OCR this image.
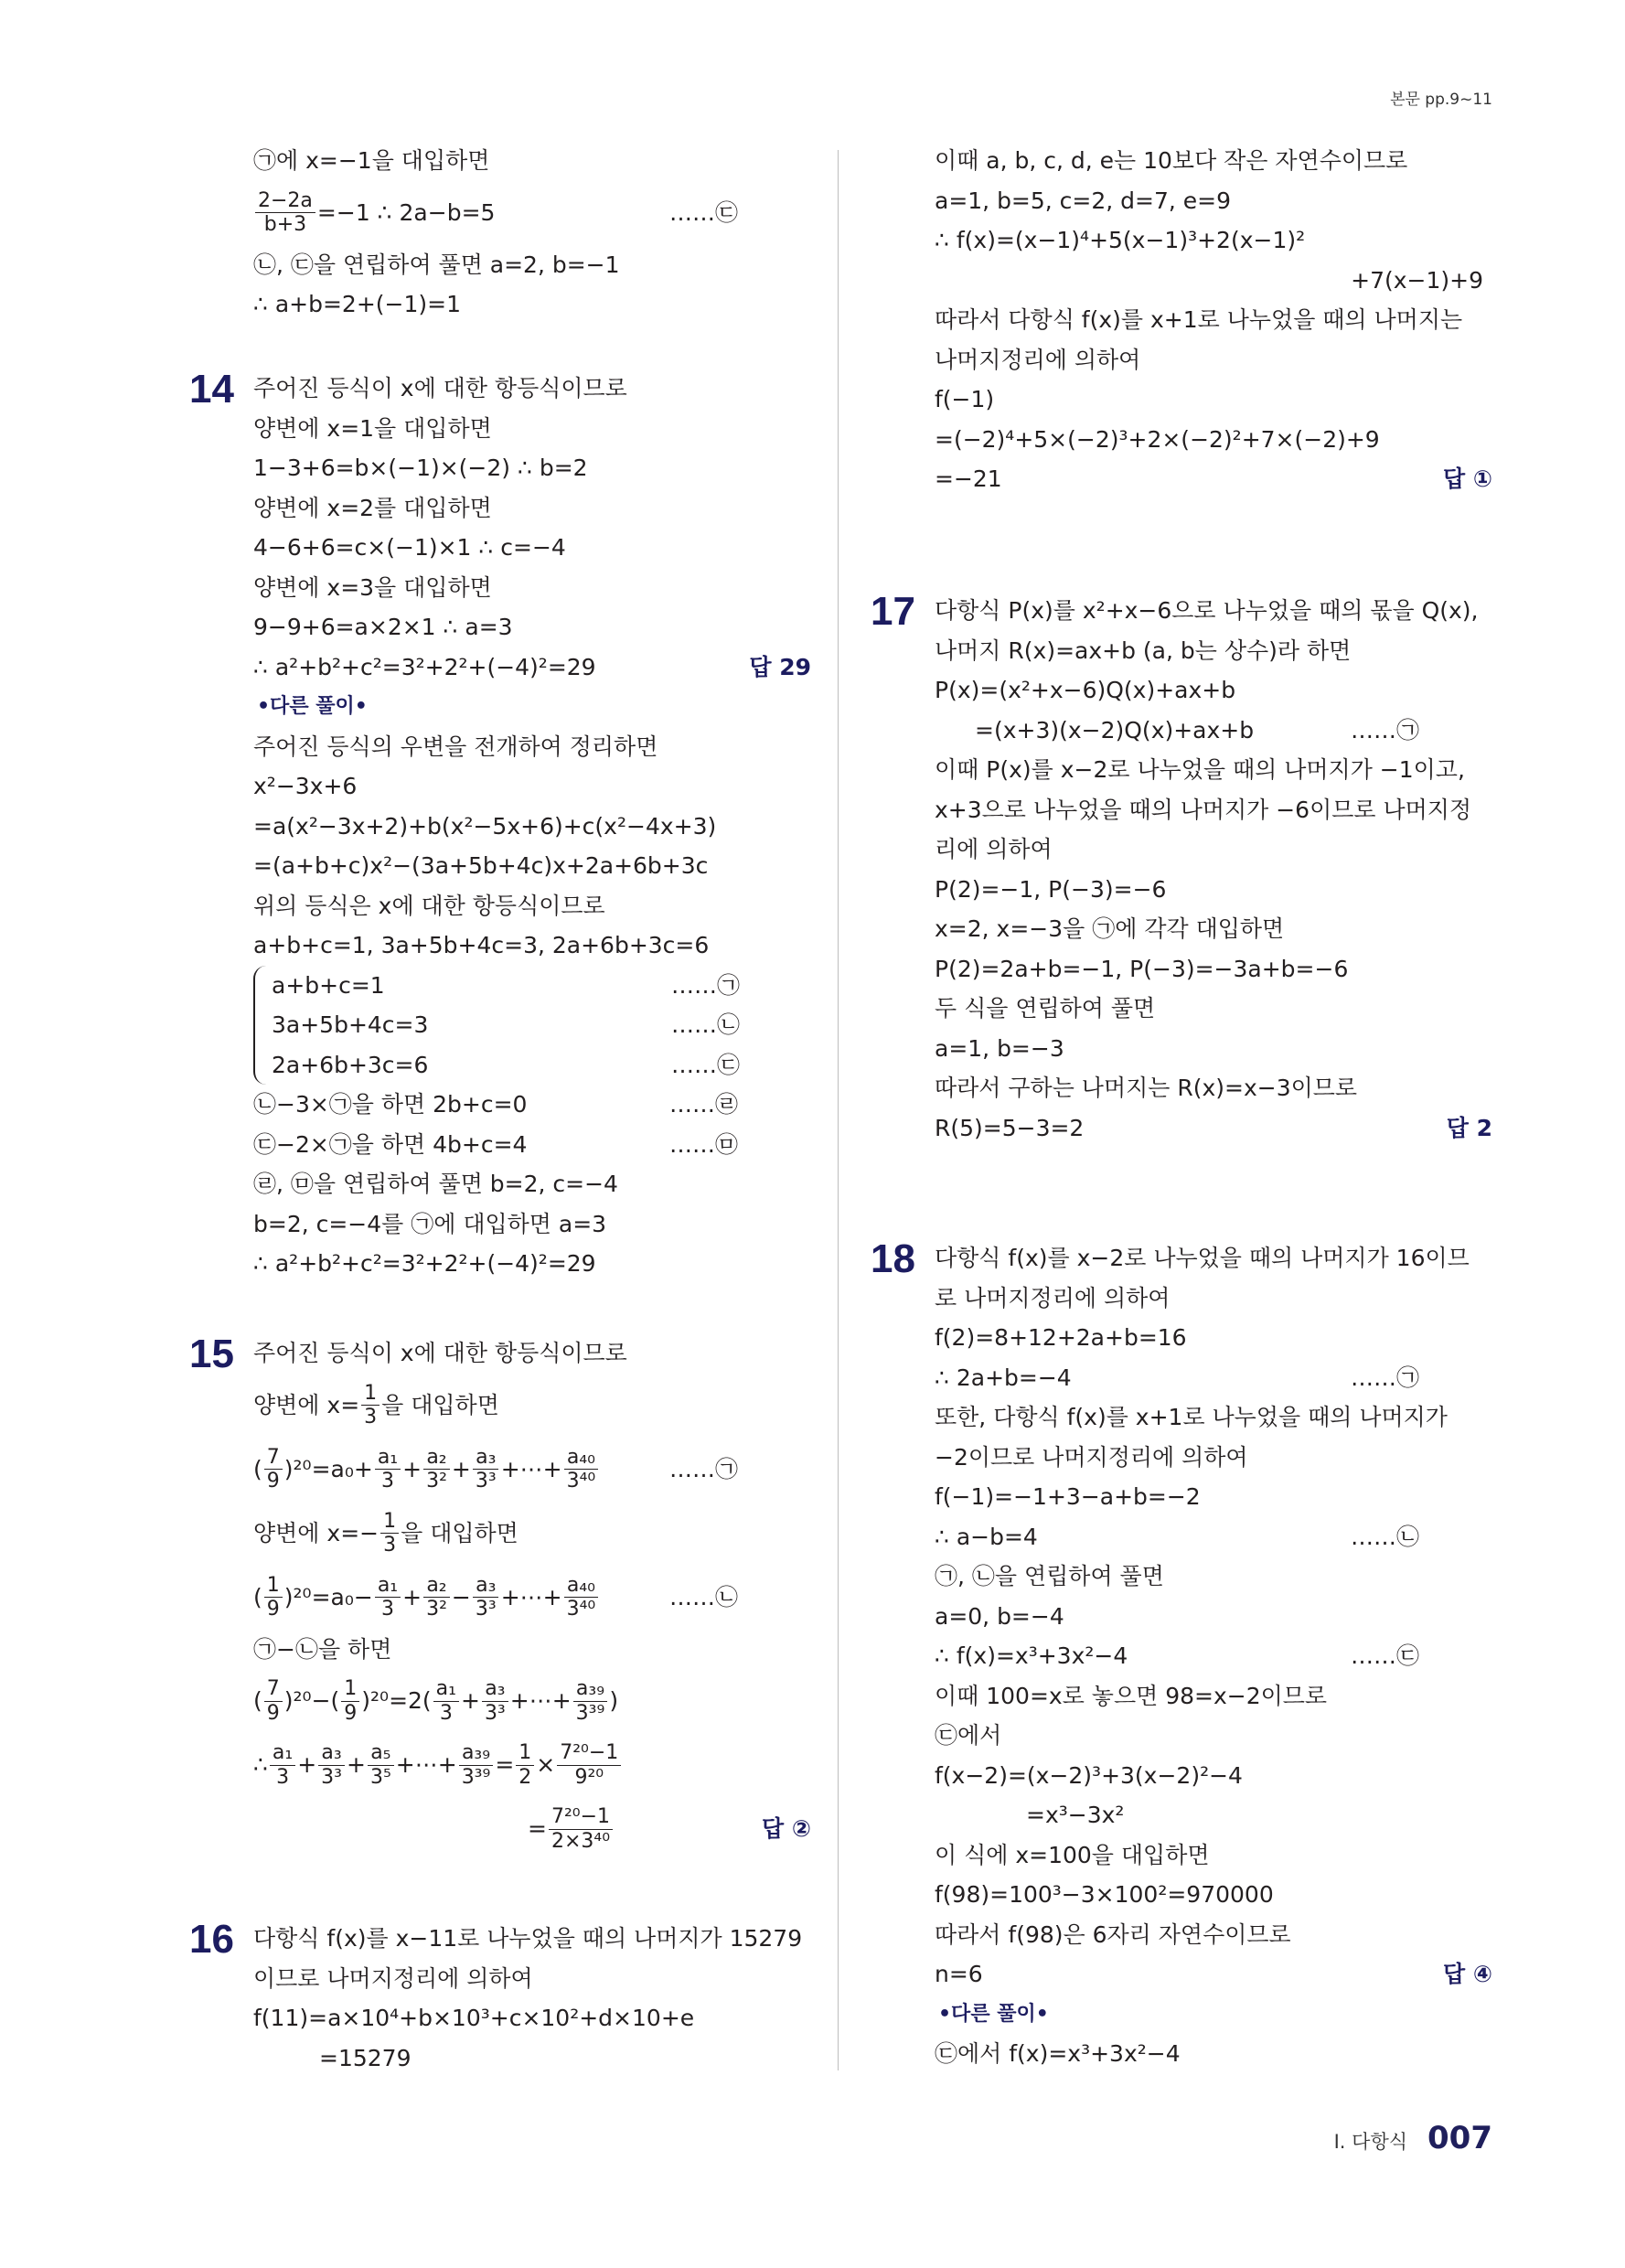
본문 pp.9~11
㉠에 x=−1을 대입하면
$\frac{2-2a}{b+3} =-1$ ∴ 2a−b=5	……㉢
㉡, ㉢을 연립하여 풀면 a=2, b=−1
∴ a+b=2+(−1)=1
14 주어진 등식이 x에 대한 항등식이므로
양변에 x=1을 대입하면
1−3+6=b×(−1)×(−2) ∴ b=2
양변에 x=2를 대입하면
4−6+6=c×(−1)×1 ∴ c=−4
양변에 x=3을 대입하면
9−9+6=a×2×1 ∴ a=3
∴ a²+b²+c²=3²+2²+(−4)²=29	답 29
•다른 풀이•
주어진 등식의 우변을 전개하여 정리하면
x²−3x+6
=a(x²−3x+2)+b(x²−5x+6)+c(x²−4x+3)
=(a+b+c)x²−(3a+5b+4c)x+2a+6b+3c
위의 등식은 x에 대한 항등식이므로
a+b+c=1, 3a+5b+4c=3, 2a+6b+3c=6
a+b+c=1	……㉠
3a+5b+4c=3	……㉡
2a+6b+3c=6	……㉢
㉡−3×㉠을 하면 2b+c=0	……㉣
㉢−2×㉠을 하면 4b+c=4	……㉤
㉣, ㉤을 연립하여 풀면 b=2, c=−4
b=2, c=−4를 ㉠에 대입하면 a=3
∴ a²+b²+c²=3²+2²+(−4)²=29
15 주어진 등식이 x에 대한 항등식이므로
양변에 $x= \frac{1}{3}$ 을 대입하면
( $\frac{7}{9} )^{20}=a_0+ \frac{\text{a₁}}{3} + \frac{\text{a₂}}{\text{3²}} + \frac{\text{a₃}}{\text{3³}}$ +⋯+ $\frac{\text{a₄₀}}{\text{3⁴⁰}}$	……㉠
양변에 $x=- \frac{1}{3}$ 을 대입하면
( $\frac{1}{9} )^{20}=a_0- \frac{\text{a₁}}{3} + \frac{\text{a₂}}{\text{3²}} - \frac{\text{a₃}}{\text{3³}}$ +⋯+ $\frac{\text{a₄₀}}{\text{3⁴⁰}}$	……㉡
㉠−㉡을 하면
( $\frac{7}{9} )^{20}-( \frac{1}{9} )^{20}=2( \frac{\text{a₁}}{3} + \frac{\text{a₃}}{\text{3³}}$ +⋯+ $\frac{\text{a₃₉}}{\text{3³⁹}}$ )
∴ $\frac{\text{a₁}}{3} + \frac{\text{a₃}}{\text{3³}} + \frac{\text{a₅}}{\text{3⁵}}$ +⋯+ $\frac{\text{a₃₉}}{\text{3³⁹}} = \frac{1}{2} \times \frac{\text{7²⁰−1}}{\text{9²⁰}}$
= $\frac{\text{7²⁰−1}}{\text{2×3⁴⁰}}$	답 ②
16 다항식 f(x)를 x−11로 나누었을 때의 나머지가 15279
이므로 나머지정리에 의하여
f(11)=a×10⁴+b×10³+c×10²+d×10+e
=15279
이때 a, b, c, d, e는 10보다 작은 자연수이므로
a=1, b=5, c=2, d=7, e=9
∴ f(x)=(x−1)⁴+5(x−1)³+2(x−1)²
+7(x−1)+9
따라서 다항식 f(x)를 x+1로 나누었을 때의 나머지는
나머지정리에 의하여
f(−1)
=(−2)⁴+5×(−2)³+2×(−2)²+7×(−2)+9
=−21	답 ①
17 다항식 P(x)를 x²+x−6으로 나누었을 때의 몫을 Q(x),
나머지 R(x)=ax+b (a, b는 상수)라 하면
P(x)=(x²+x−6)Q(x)+ax+b
=(x+3)(x−2)Q(x)+ax+b	……㉠
이때 P(x)를 x−2로 나누었을 때의 나머지가 −1이고,
x+3으로 나누었을 때의 나머지가 −6이므로 나머지정
리에 의하여
P(2)=−1, P(−3)=−6
x=2, x=−3을 ㉠에 각각 대입하면
P(2)=2a+b=−1, P(−3)=−3a+b=−6
두 식을 연립하여 풀면
a=1, b=−3
따라서 구하는 나머지는 R(x)=x−3이므로
R(5)=5−3=2	답 2
18 다항식 f(x)를 x−2로 나누었을 때의 나머지가 16이므
로 나머지정리에 의하여
f(2)=8+12+2a+b=16
∴ 2a+b=−4	……㉠
또한, 다항식 f(x)를 x+1로 나누었을 때의 나머지가
−2이므로 나머지정리에 의하여
f(−1)=−1+3−a+b=−2
∴ a−b=4	……㉡
㉠, ㉡을 연립하여 풀면
a=0, b=−4
∴ f(x)=x³+3x²−4	……㉢
이때 100=x로 놓으면 98=x−2이므로
㉢에서
f(x−2)=(x−2)³+3(x−2)²−4
=x³−3x²
이 식에 x=100을 대입하면
f(98)=100³−3×100²=970000
따라서 f(98)은 6자리 자연수이므로
n=6	답 ④
•다른 풀이•
㉢에서 f(x)=x³+3x²−4
Ⅰ. 다항식 007
